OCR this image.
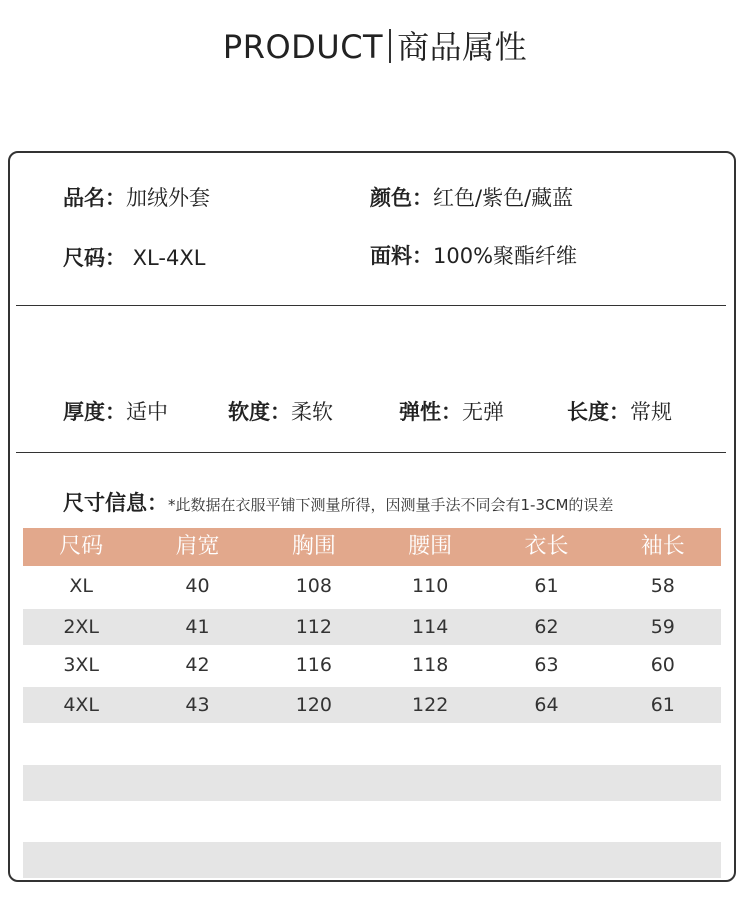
PRODUCT 商品属性
品名：加绒外套	颜色：红色/紫色/藏蓝
尺码： XL-4XL	面料：100%聚酯纤维
厚度：适中	软度：柔软	弹性：无弹	长度：常规
尺寸信息：*此数据在衣服平铺下测量所得，因测量手法不同会有1-3CM的误差
尺码	肩宽	胸围	腰围	衣长	袖长
XL	40	108	110	61	58
2XL	41	112	114	62	59
3XL	42	116	118	63	60
4XL	43	120	122	64	61
